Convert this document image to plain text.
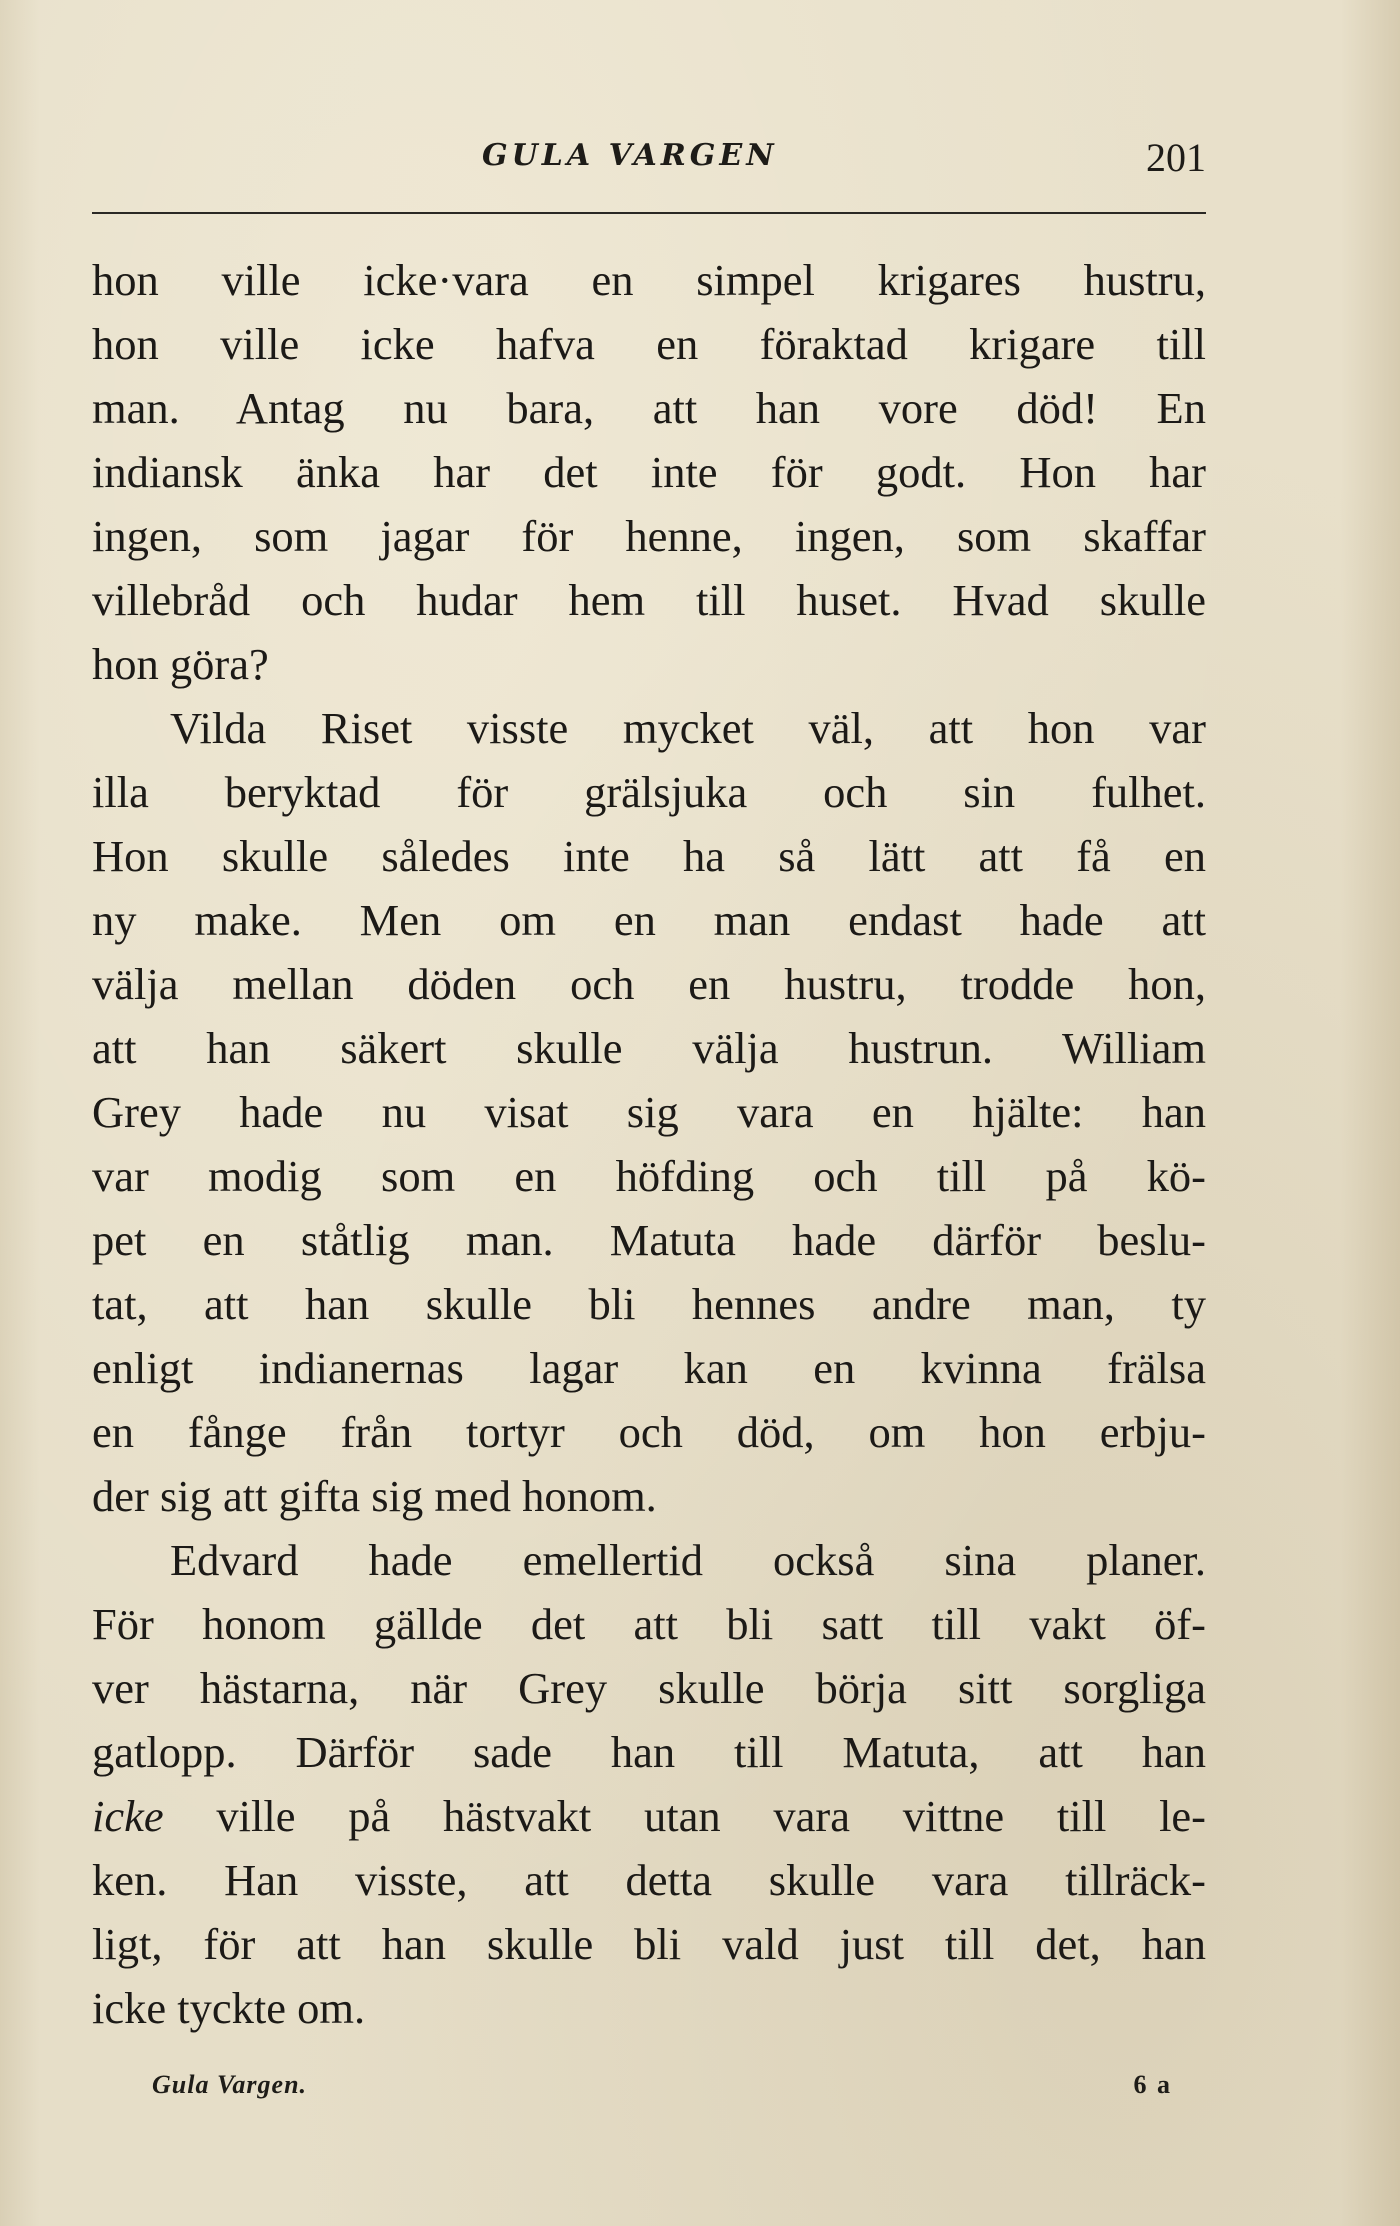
GULA VARGEN	201
hon ville icke·vara en simpel krigares hustru,
hon ville icke hafva en föraktad krigare till
man. Antag nu bara, att han vore död! En
indiansk änka har det inte för godt. Hon har
ingen, som jagar för henne, ingen, som skaffar
villebråd och hudar hem till huset. Hvad skulle
hon göra?
Vilda Riset visste mycket väl, att hon var
illa beryktad för grälsjuka och sin fulhet.
Hon skulle således inte ha så lätt att få en
ny make. Men om en man endast hade att
välja mellan döden och en hustru, trodde hon,
att han säkert skulle välja hustrun. William
Grey hade nu visat sig vara en hjälte: han
var modig som en höfding och till på kö-
pet en ståtlig man. Matuta hade därför beslu-
tat, att han skulle bli hennes andre man, ty
enligt indianernas lagar kan en kvinna frälsa
en fånge från tortyr och död, om hon erbju-
der sig att gifta sig med honom.
Edvard hade emellertid också sina planer.
För honom gällde det att bli satt till vakt öf-
ver hästarna, när Grey skulle börja sitt sorgliga
gatlopp. Därför sade han till Matuta, att han
icke ville på hästvakt utan vara vittne till le-
ken. Han visste, att detta skulle vara tillräck-
ligt, för att han skulle bli vald just till det, han
icke tyckte om.
Gula Vargen.	6 a
